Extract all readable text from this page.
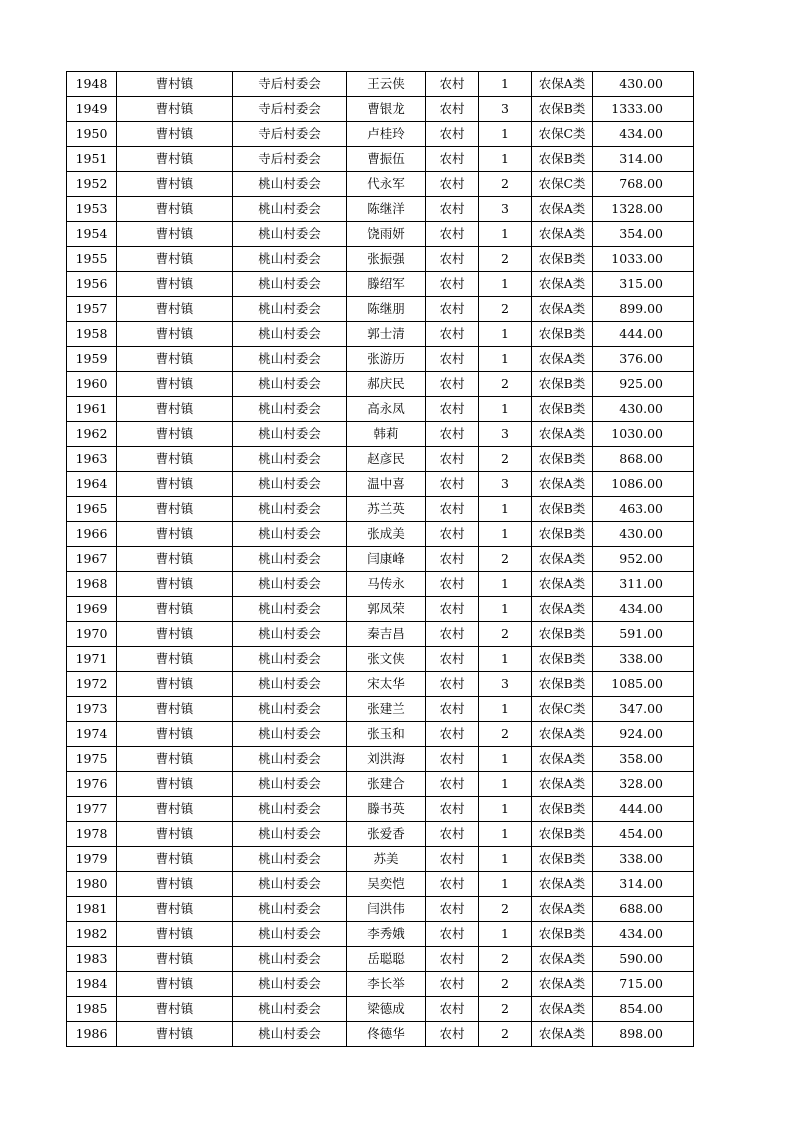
1948	曹村镇	寺后村委会	王云侠	农村	1	农保A类	430.00
1949	曹村镇	寺后村委会	曹银龙	农村	3	农保B类	1333.00
1950	曹村镇	寺后村委会	卢桂玲	农村	1	农保C类	434.00
1951	曹村镇	寺后村委会	曹振伍	农村	1	农保B类	314.00
1952	曹村镇	桃山村委会	代永军	农村	2	农保C类	768.00
1953	曹村镇	桃山村委会	陈继洋	农村	3	农保A类	1328.00
1954	曹村镇	桃山村委会	饶雨妍	农村	1	农保A类	354.00
1955	曹村镇	桃山村委会	张振强	农村	2	农保B类	1033.00
1956	曹村镇	桃山村委会	滕绍军	农村	1	农保A类	315.00
1957	曹村镇	桃山村委会	陈继朋	农村	2	农保A类	899.00
1958	曹村镇	桃山村委会	郭士清	农村	1	农保B类	444.00
1959	曹村镇	桃山村委会	张游历	农村	1	农保A类	376.00
1960	曹村镇	桃山村委会	郝庆民	农村	2	农保B类	925.00
1961	曹村镇	桃山村委会	高永凤	农村	1	农保B类	430.00
1962	曹村镇	桃山村委会	韩莉	农村	3	农保A类	1030.00
1963	曹村镇	桃山村委会	赵彦民	农村	2	农保B类	868.00
1964	曹村镇	桃山村委会	温中喜	农村	3	农保A类	1086.00
1965	曹村镇	桃山村委会	苏兰英	农村	1	农保B类	463.00
1966	曹村镇	桃山村委会	张成美	农村	1	农保B类	430.00
1967	曹村镇	桃山村委会	闫康峰	农村	2	农保A类	952.00
1968	曹村镇	桃山村委会	马传永	农村	1	农保A类	311.00
1969	曹村镇	桃山村委会	郭凤荣	农村	1	农保A类	434.00
1970	曹村镇	桃山村委会	秦吉昌	农村	2	农保B类	591.00
1971	曹村镇	桃山村委会	张文侠	农村	1	农保B类	338.00
1972	曹村镇	桃山村委会	宋太华	农村	3	农保B类	1085.00
1973	曹村镇	桃山村委会	张建兰	农村	1	农保C类	347.00
1974	曹村镇	桃山村委会	张玉和	农村	2	农保A类	924.00
1975	曹村镇	桃山村委会	刘洪海	农村	1	农保A类	358.00
1976	曹村镇	桃山村委会	张建合	农村	1	农保A类	328.00
1977	曹村镇	桃山村委会	滕书英	农村	1	农保B类	444.00
1978	曹村镇	桃山村委会	张爱香	农村	1	农保B类	454.00
1979	曹村镇	桃山村委会	苏美	农村	1	农保B类	338.00
1980	曹村镇	桃山村委会	吴奕恺	农村	1	农保A类	314.00
1981	曹村镇	桃山村委会	闫洪伟	农村	2	农保A类	688.00
1982	曹村镇	桃山村委会	李秀娥	农村	1	农保B类	434.00
1983	曹村镇	桃山村委会	岳聪聪	农村	2	农保A类	590.00
1984	曹村镇	桃山村委会	李长举	农村	2	农保A类	715.00
1985	曹村镇	桃山村委会	梁德成	农村	2	农保A类	854.00
1986	曹村镇	桃山村委会	佟德华	农村	2	农保A类	898.00
